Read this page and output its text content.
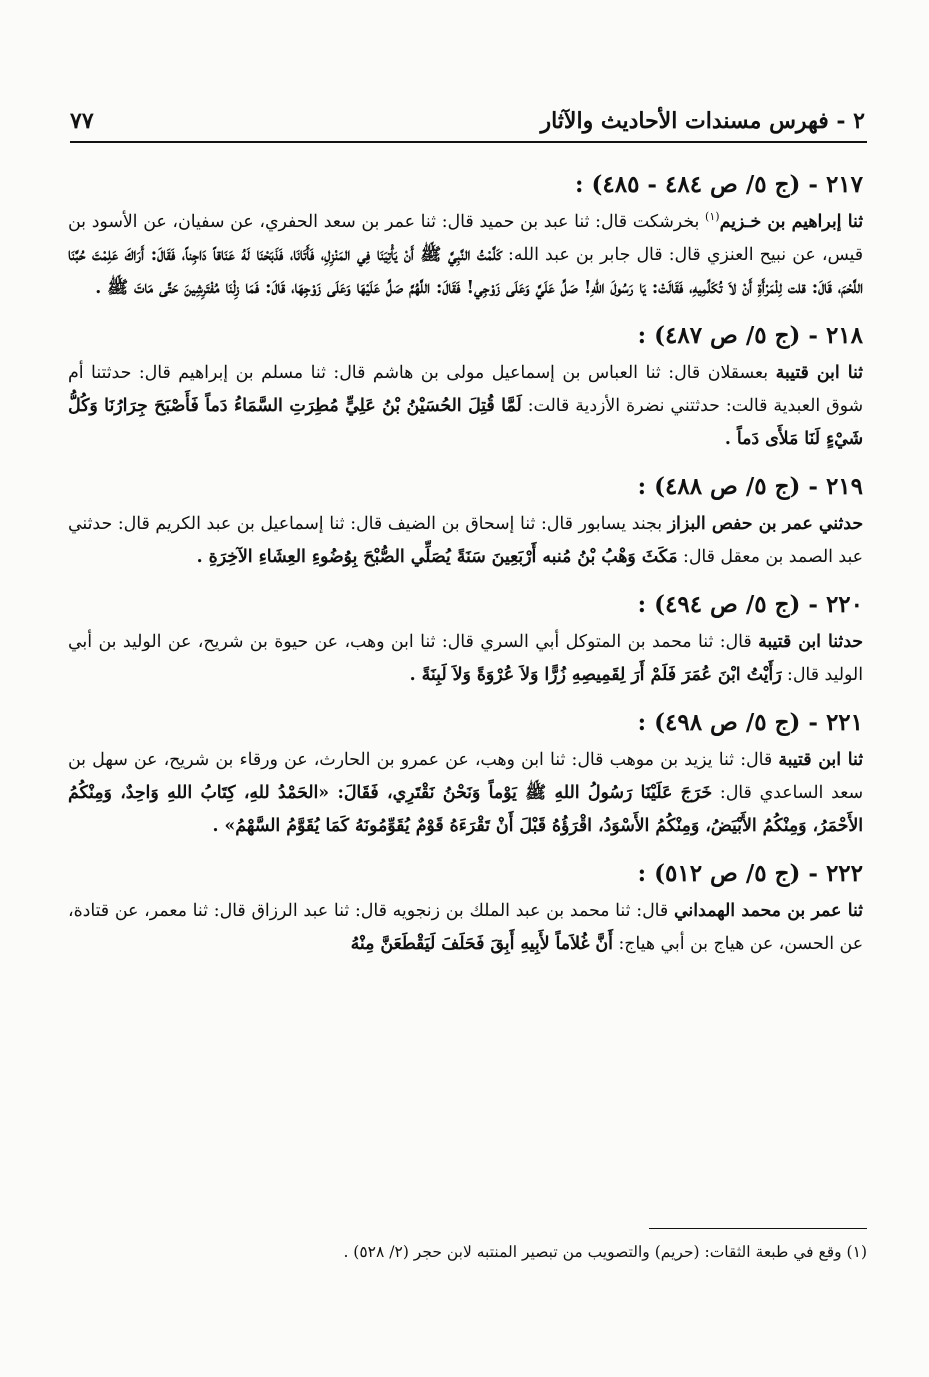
٢ - فهرس مسندات الأحاديث والآثار
٧٧
٢١٧ - (ج ٥/ ص ٤٨٤ - ٤٨٥) :
ثنا إبراهيم بن خـزيم$^{(١)}$ بخرشكت قال: ثنا عبد بن حميد قال: ثنا عمر بن سعد الحفري، عن سفيان، عن الأسود بن قيس، عن نبيح العنزي قال: قال جابر بن عبد الله: كَلَّمْتُ النَّبِيَّ ﷺ أَنْ يَأْتِيَنَا فِي المَنْزِلِ، فَأَتَانَا، فَذَبَحْنَا لَهُ عَنَاقاً دَاجِناً، فَقَالَ: أَرَاكَ عَلِمْتَ حُبَّنَا اللَّحْمَ، قَالَ: قلت لِلْمَرْأَةِ أَنْ لاَ تُكَلِّمِيهِ، فَقَالَتْ: يَا رَسُولَ اللهِ! صَلِّ عَلَيَّ وَعَلَى زَوْجِي! فَقَالَ: اللَّهُمَّ صَلِّ عَلَيْهَا وَعَلَى زَوْجِهَا، قَالَ: فَمَا زِلْنَا مُفْتَرِشِينَ حَتَّى مَاتَ ﷺ .
٢١٨ - (ج ٥/ ص ٤٨٧) :
ثنا ابن قتيبة بعسقلان قال: ثنا العباس بن إسماعيل مولى بن هاشم قال: ثنا مسلم بن إبراهيم قال: حدثتنا أم شوق العبدية قالت: حدثتني نضرة الأزدية قالت: لَمَّا قُتِلَ الحُسَيْنُ بْنُ عَلِيٍّ مُطِرَتِ السَّمَاءُ دَماً فَأَصْبَحَ جِرَارُنَا وَكُلُّ شَيْءٍ لَنَا مَلأَى دَماً .
٢١٩ - (ج ٥/ ص ٤٨٨) :
حدثني عمر بن حفص البزاز بجند يسابور قال: ثنا إسحاق بن الضيف قال: ثنا إسماعيل بن عبد الكريم قال: حدثني عبد الصمد بن معقل قال: مَكَثَ وَهْبُ بْنُ مُنبه أَرْبَعِينَ سَنَةً يُصَلِّي الصُّبْحَ بِوُضُوءِ العِشَاءِ الآخِرَةِ .
٢٢٠ - (ج ٥/ ص ٤٩٤) :
حدثنا ابن قتيبة قال: ثنا محمد بن المتوكل أبي السري قال: ثنا ابن وهب، عن حيوة بن شريح، عن الوليد بن أبي الوليد قال: رَأَيْتُ ابْنَ عُمَرَ فَلَمْ أَرَ لِقَمِيصِهِ زُرًّا وَلاَ عُرْوَةً وَلاَ لَبِنَةً .
٢٢١ - (ج ٥/ ص ٤٩٨) :
ثنا ابن قتيبة قال: ثنا يزيد بن موهب قال: ثنا ابن وهب، عن عمرو بن الحارث، عن ورقاء بن شريح، عن سهل بن سعد الساعدي قال: خَرَجَ عَلَيْنَا رَسُولُ اللهِ ﷺ يَوْماً وَنَحْنُ نَقْتَرِي، فَقَالَ: «الحَمْدُ للهِ، كِتَابُ اللهِ وَاحِدٌ، وَمِنْكُمُ الأَحْمَرُ، وَمِنْكُمُ الأَبْيَضُ، وَمِنْكُمُ الأَسْوَدُ، اقْرَؤُهُ قَبْلَ أَنْ تَقْرَءَهُ قَوْمٌ يُقَوِّمُونَهُ كَمَا يُقَوَّمُ السَّهْمُ» .
٢٢٢ - (ج ٥/ ص ٥١٢) :
ثنا عمر بن محمد الهمداني قال: ثنا محمد بن عبد الملك بن زنجويه قال: ثنا عبد الرزاق قال: ثنا معمر، عن قتادة، عن الحسن، عن هياج بن أبي هياج: أَنَّ غُلاَماً لأَبِيهِ أَبِقَ فَحَلَفَ لَيَقْطَعَنَّ مِنْهُ
(١) وقع في طبعة الثقات: (حريم) والتصويب من تبصير المنتبه لابن حجر (٢/ ٥٢٨) .
